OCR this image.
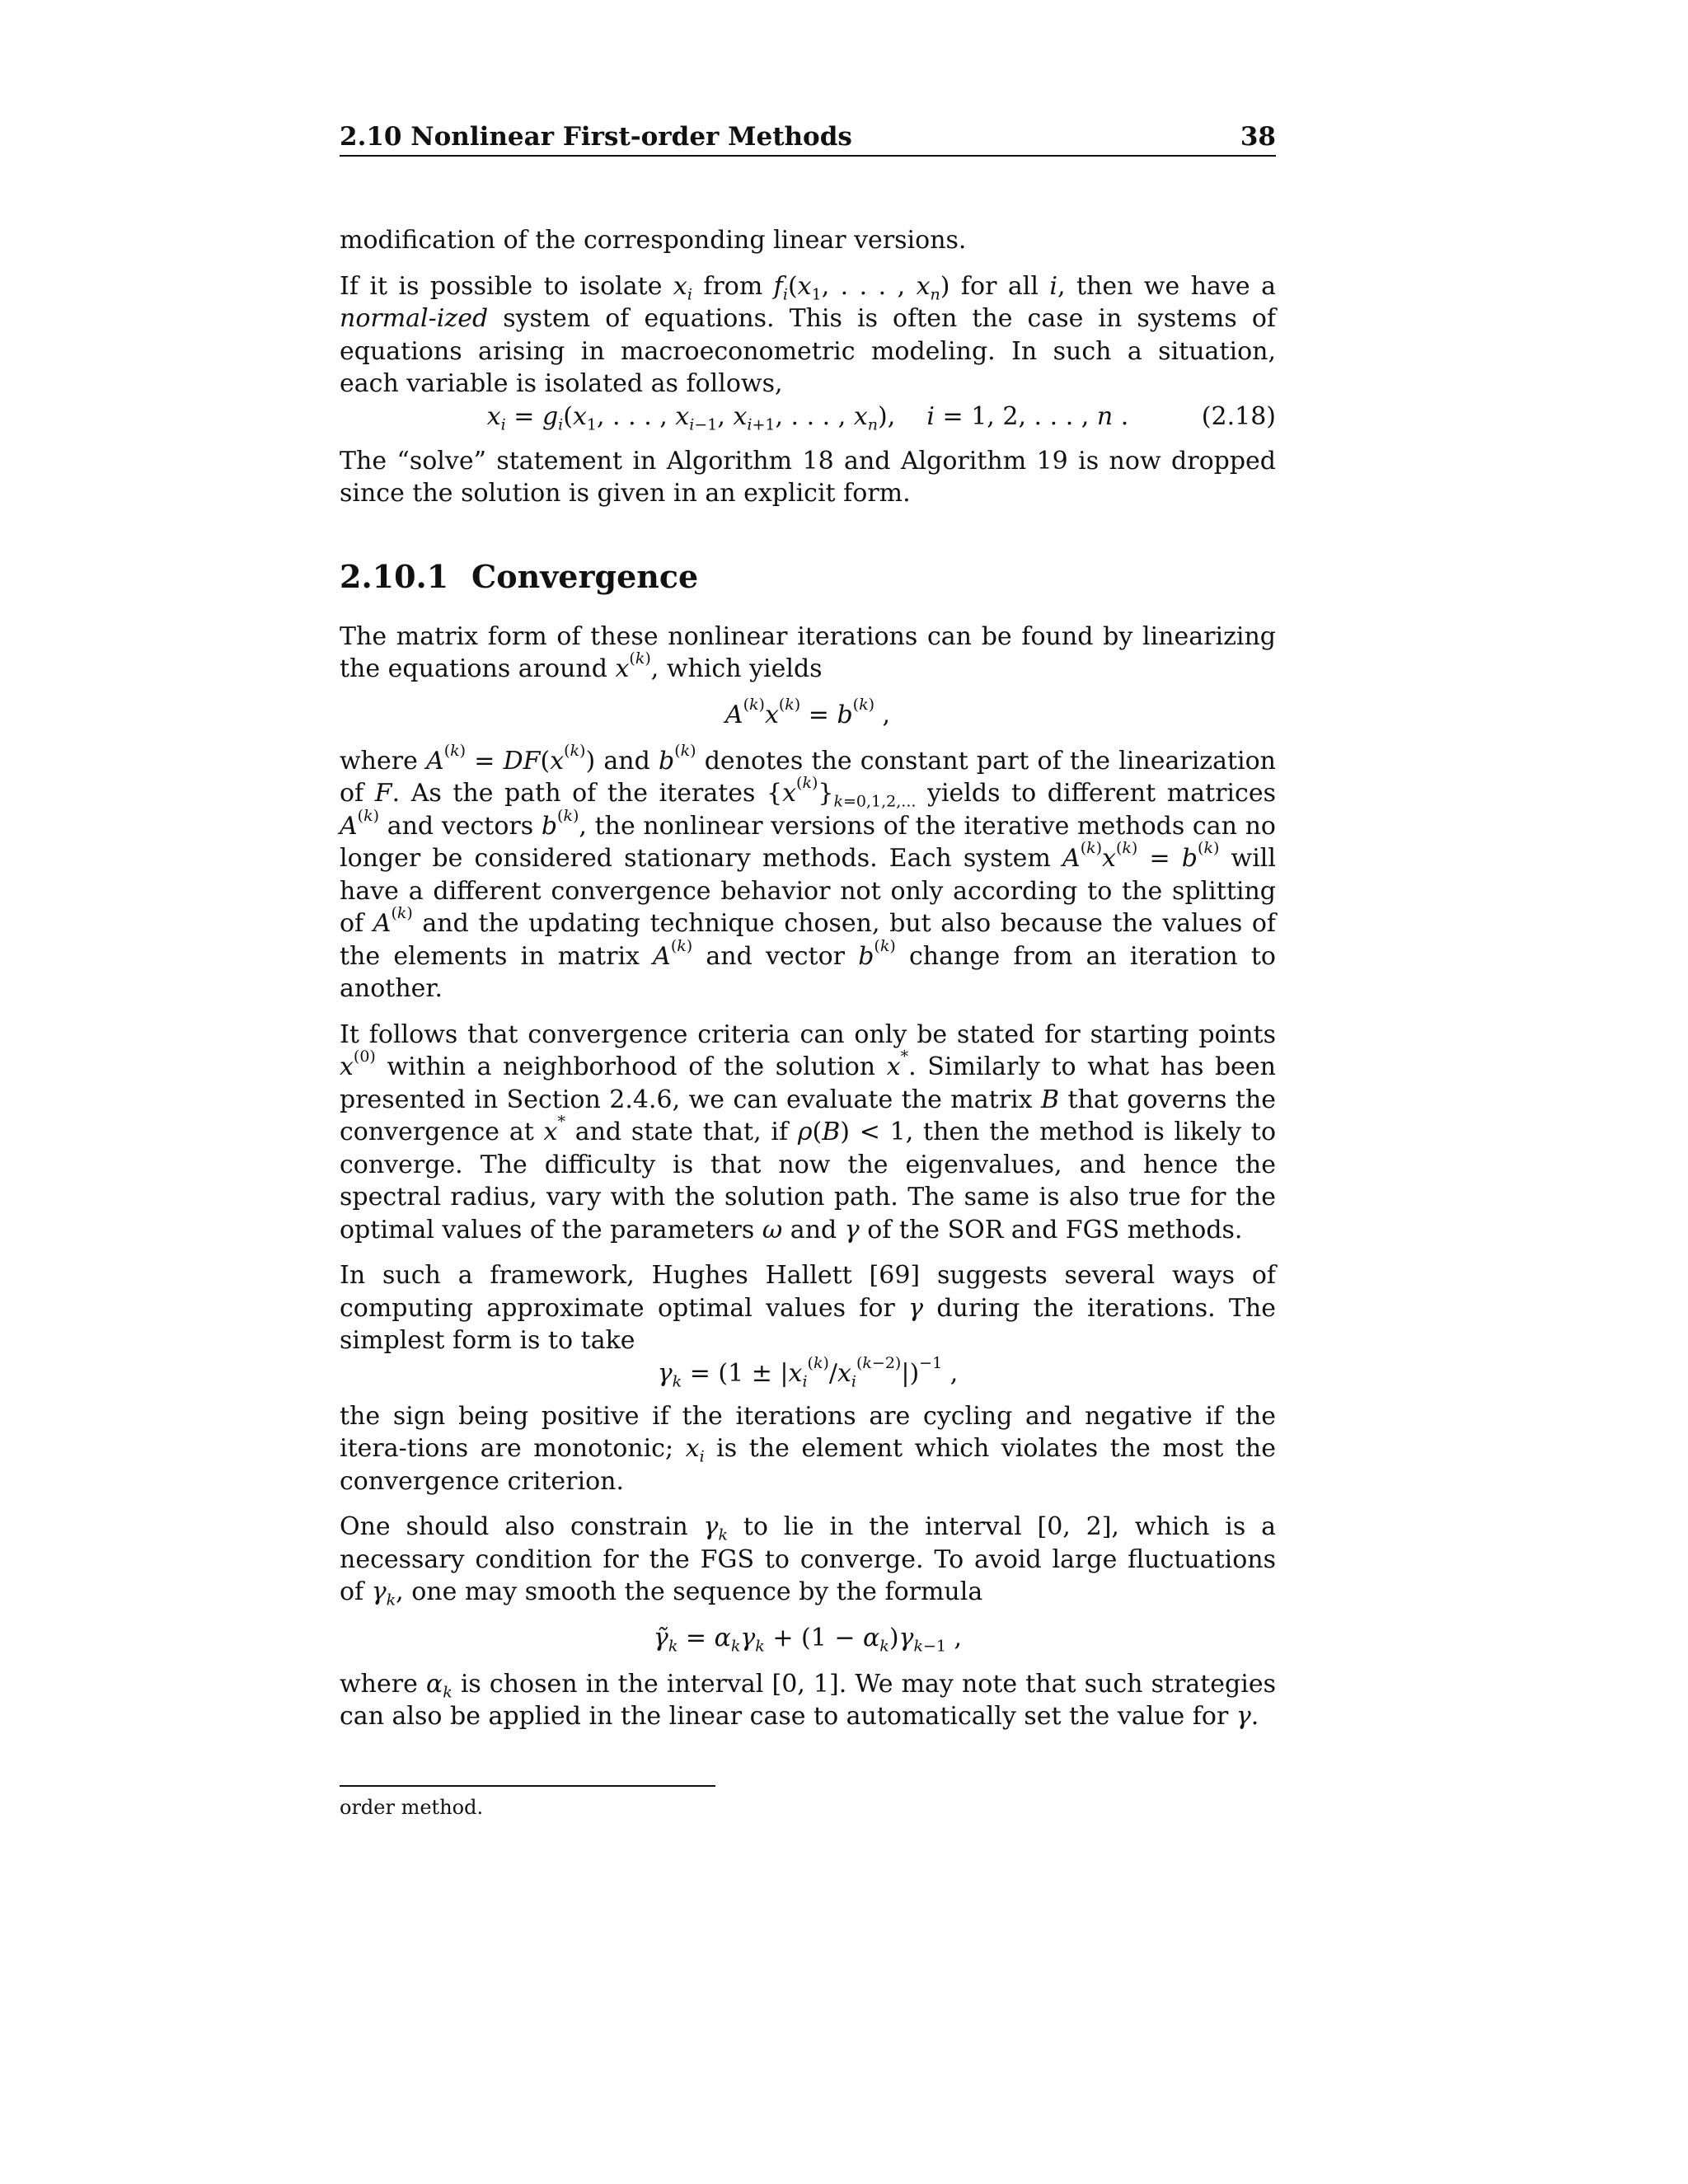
2.10 Nonlinear First-order Methods	38

modification of the corresponding linear versions.

If it is possible to isolate $x_i$ from $f_i(x_1$, . . . , $x_n$) for all i, then we have a normal-ized system of equations. This is often the case in systems of equations arising in macroeconometric modeling. In such a situation, each variable is isolated as follows,

$x_i = g_i(x_1$, . . . , $x_{i-1}$, $x_{i+1}$, . . . , $x_n$),    i = 1, 2, . . . , n .	(2.18)

The “solve” statement in Algorithm 18 and Algorithm 19 is now dropped since the solution is given in an explicit form.

2.10.1 Convergence

The matrix form of these nonlinear iterations can be found by linearizing the equations around $x^{(k)}$, which yields

$A^{(k)}x^{(k)} = b^{(k)}$ ,

where $A^{(k)} = DF(x^{(k)})$ and $b^{(k)}$ denotes the constant part of the linearization of F. As the path of the iterates $\{x^{(k)}\}_{k=0,1,2,...}$ yields to different matrices $A^{(k)}$ and vectors $b^{(k)}$, the nonlinear versions of the iterative methods can no longer be considered stationary methods. Each system $A^{(k)}x^{(k)} = b^{(k)}$ will have a different convergence behavior not only according to the splitting of $A^{(k)}$ and the updating technique chosen, but also because the values of the elements in matrix $A^{(k)}$ and vector $b^{(k)}$ change from an iteration to another.

It follows that convergence criteria can only be stated for starting points $x^{(0)}$ within a neighborhood of the solution x*. Similarly to what has been presented in Section 2.4.6, we can evaluate the matrix B that governs the convergence at x* and state that, if ρ(B) < 1, then the method is likely to converge. The difficulty is that now the eigenvalues, and hence the spectral radius, vary with the solution path. The same is also true for the optimal values of the parameters ω and γ of the SOR and FGS methods.

In such a framework, Hughes Hallett [69] suggests several ways of computing approximate optimal values for γ during the iterations. The simplest form is to take

$\gamma_k = (1 \pm |x_i^{(k)}/x_i^{(k-2)}|)^{-1}$ ,

the sign being positive if the iterations are cycling and negative if the itera-tions are monotonic; $x_i$ is the element which violates the most the convergence criterion.

One should also constrain $\gamma_k$ to lie in the interval [0, 2], which is a necessary condition for the FGS to converge. To avoid large fluctuations of $\gamma_k$, one may smooth the sequence by the formula

$\gammã_k = \alpha_k\gamma_k + (1 - \alpha_k)\gamma_{k-1}$ ,

where $\alpha_k$ is chosen in the interval [0, 1]. We may note that such strategies can also be applied in the linear case to automatically set the value for γ.

order method.
